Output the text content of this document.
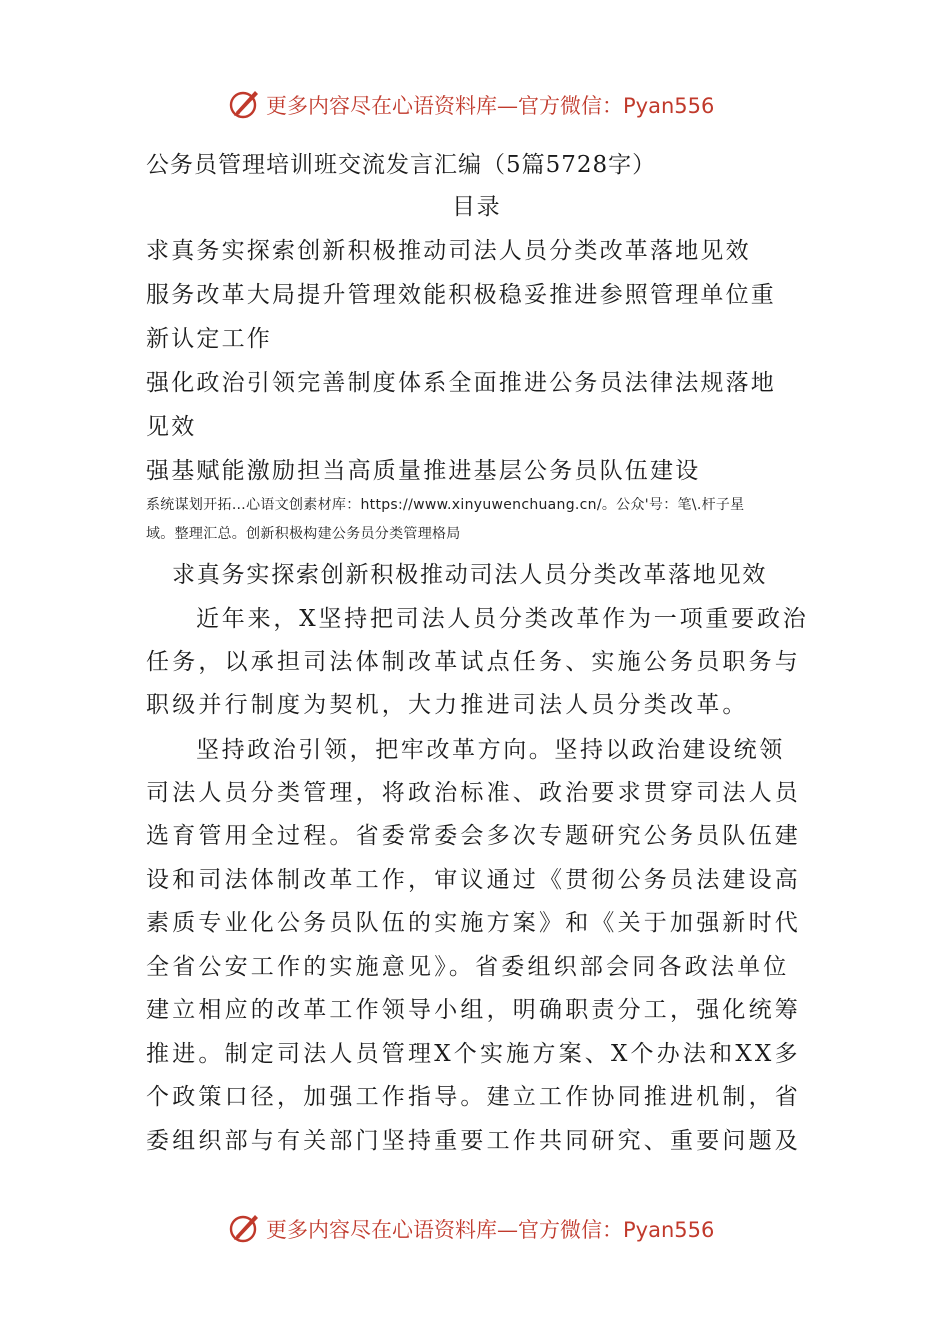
更多内容尽在心语资料库—官方微信：Pyan556
公务员管理培训班交流发言汇编（5篇5728字）
目录
求真务实探索创新积极推动司法人员分类改革落地见效
服务改革大局提升管理效能积极稳妥推进参照管理单位重
新认定工作
强化政治引领完善制度体系全面推进公务员法律法规落地
见效
强基赋能激励担当高质量推进基层公务员队伍建设
系统谋划开拓…心语文创素材库：https://www.xinyuwenchuang.cn/。公众'号：笔\.杆子星
域。整理汇总。创新积极构建公务员分类管理格局
求真务实探索创新积极推动司法人员分类改革落地见效
近年来，X坚持把司法人员分类改革作为一项重要政治
任务，以承担司法体制改革试点任务、实施公务员职务与
职级并行制度为契机，大力推进司法人员分类改革。
坚持政治引领，把牢改革方向。坚持以政治建设统领
司法人员分类管理，将政治标准、政治要求贯穿司法人员
选育管用全过程。省委常委会多次专题研究公务员队伍建
设和司法体制改革工作，审议通过《贯彻公务员法建设高
素质专业化公务员队伍的实施方案》和《关于加强新时代
全省公安工作的实施意见》。省委组织部会同各政法单位
建立相应的改革工作领导小组，明确职责分工，强化统筹
推进。制定司法人员管理X个实施方案、X个办法和XX多
个政策口径，加强工作指导。建立工作协同推进机制，省
委组织部与有关部门坚持重要工作共同研究、重要问题及
更多内容尽在心语资料库—官方微信：Pyan556
